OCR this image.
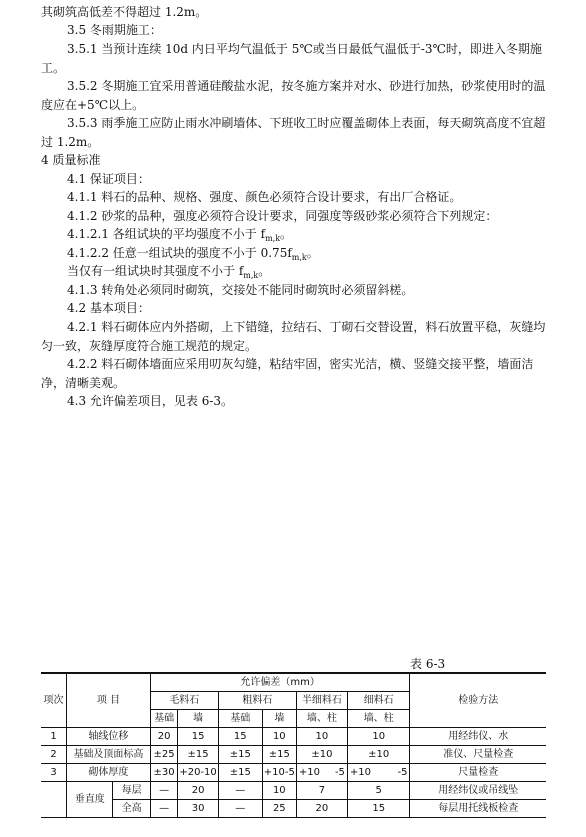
其砌筑高低差不得超过 1.2m。

3.5 冬雨期施工：

3.5.1 当预计连续 10d 内日平均气温低于 5℃或当日最低气温低于-3℃时，即进入冬期施工。

3.5.2 冬期施工宜采用普通硅酸盐水泥，按冬施方案并对水、砂进行加热，砂浆使用时的温度应在+5℃以上。

3.5.3 雨季施工应防止雨水冲刷墙体、下班收工时应覆盖砌体上表面，每天砌筑高度不宜超过 1.2m。

4 质量标准

4.1 保证项目：

4.1.1 料石的品种、规格、强度、颜色必须符合设计要求，有出厂合格证。

4.1.2 砂浆的品种，强度必须符合设计要求，同强度等级砂浆必须符合下列规定：

4.1.2.1 各组试块的平均强度不小于 $f_{m,k}$。

4.1.2.2 任意一组试块的强度不小于 $0.75f_{m,k}$。

当仅有一组试块时其强度不小于 $f_{m,k}$。

4.1.3 转角处必须同时砌筑，交接处不能同时砌筑时必须留斜槎。

4.2 基本项目：

4.2.1 料石砌体应内外搭砌，上下错缝，拉结石、丁砌石交替设置，料石放置平稳，灰缝均匀一致，灰缝厚度符合施工规范的规定。

4.2.2 料石砌体墙面应采用叨灰勾缝，粘结牢固，密实光洁，横、竖缝交接平整，墙面洁净，清晰美观。

4.3 允许偏差项目，见表 6-3。

表 6-3
项次	项 目		允许偏差（mm）						检验方法
			毛料石		粗料石		半细料石	细料石	
			基础	墙	基础	墙	墙、柱	墙、柱	
1	轴线位移		20	15	15	10	10	10	用经纬仪、水
2	基础及顶面标高		±25	±15	±15	±15	±10	±10	准仪、尺量检查
3	砌体厚度		±30	+20 -10	±15	+10 -5	+10 -5	+10 -5	尺量检查
	垂直度	每层	—	20	—	10	7	5	用经纬仪或吊线坠
		全高	—	30	—	25	20	15	每层用托线板检查
